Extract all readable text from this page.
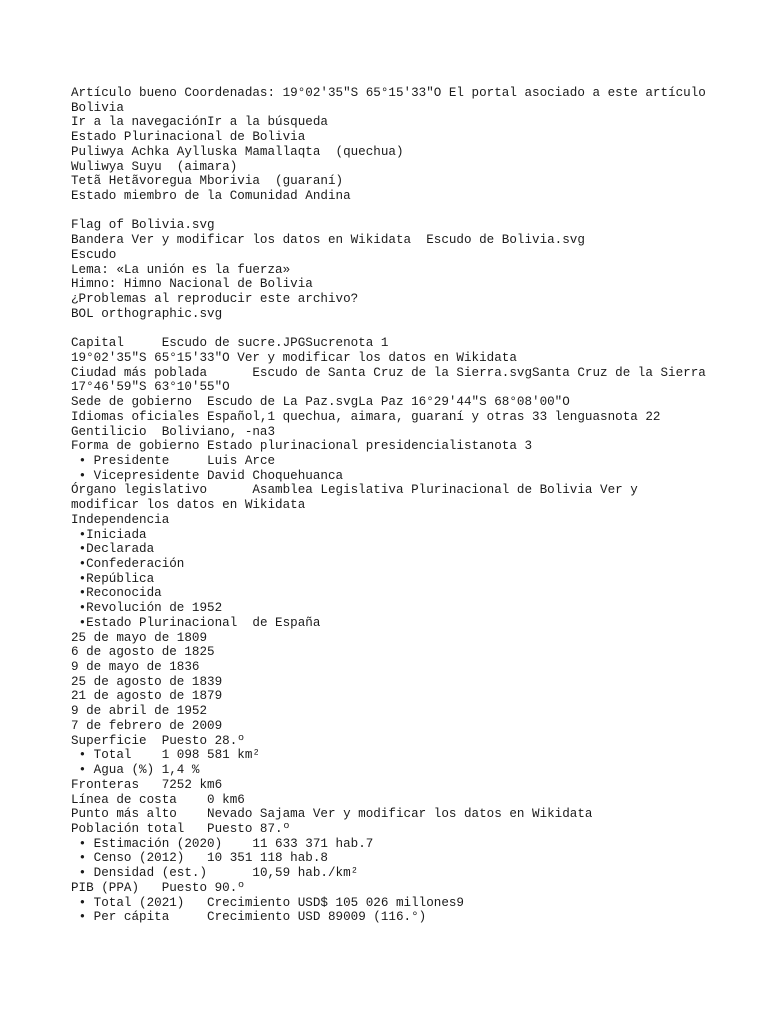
Artículo bueno Coordenadas: 19°02'35"S 65°15'33"O El portal asociado a este artículo
Bolivia
Ir a la navegaciónIr a la búsqueda
Estado Plurinacional de Bolivia
Puliwya Achka Aylluska Mamallaqta  (quechua)
Wuliwya Suyu  (aimara)
Tetã Hetãvoregua Mborivia  (guaraní)
Estado miembro de la Comunidad Andina
Flag of Bolivia.svg
Bandera Ver y modificar los datos en Wikidata  Escudo de Bolivia.svg
Escudo
Lema: «La unión es la fuerza»
Himno: Himno Nacional de Bolivia
¿Problemas al reproducir este archivo?
BOL orthographic.svg
Capital     Escudo de sucre.JPGSucrenota 1
19°02'35"S 65°15'33"O Ver y modificar los datos en Wikidata
Ciudad más poblada      Escudo de Santa Cruz de la Sierra.svgSanta Cruz de la Sierra 17°46'59"S 63°10'55"O
Sede de gobierno  Escudo de La Paz.svgLa Paz 16°29'44"S 68°08'00"O
Idiomas oficiales Español,1 quechua, aimara, guaraní y otras 33 lenguasnota 22
Gentilicio  Boliviano, -na3
Forma de gobierno Estado plurinacional presidencialistanota 3
• Presidente     Luis Arce
• Vicepresidente David Choquehuanca
Órgano legislativo      Asamblea Legislativa Plurinacional de Bolivia Ver y modificar los datos en Wikidata
Independencia
•Iniciada
•Declarada
•Confederación
•República
•Reconocida
•Revolución de 1952
•Estado Plurinacional  de España
25 de mayo de 1809
6 de agosto de 1825
9 de mayo de 1836
25 de agosto de 1839
21 de agosto de 1879
9 de abril de 1952
7 de febrero de 2009
Superficie  Puesto 28.º
• Total    1 098 581 km²
• Agua (%) 1,4 %
Fronteras   7252 km6
Línea de costa    0 km6
Punto más alto    Nevado Sajama Ver y modificar los datos en Wikidata
Población total   Puesto 87.º
• Estimación (2020)    11 633 371 hab.7
• Censo (2012)   10 351 118 hab.8
• Densidad (est.)      10,59 hab./km²
PIB (PPA)   Puesto 90.º
• Total (2021)   Crecimiento USD$ 105 026 millones9
• Per cápita     Crecimiento USD 89009 (116.°)
